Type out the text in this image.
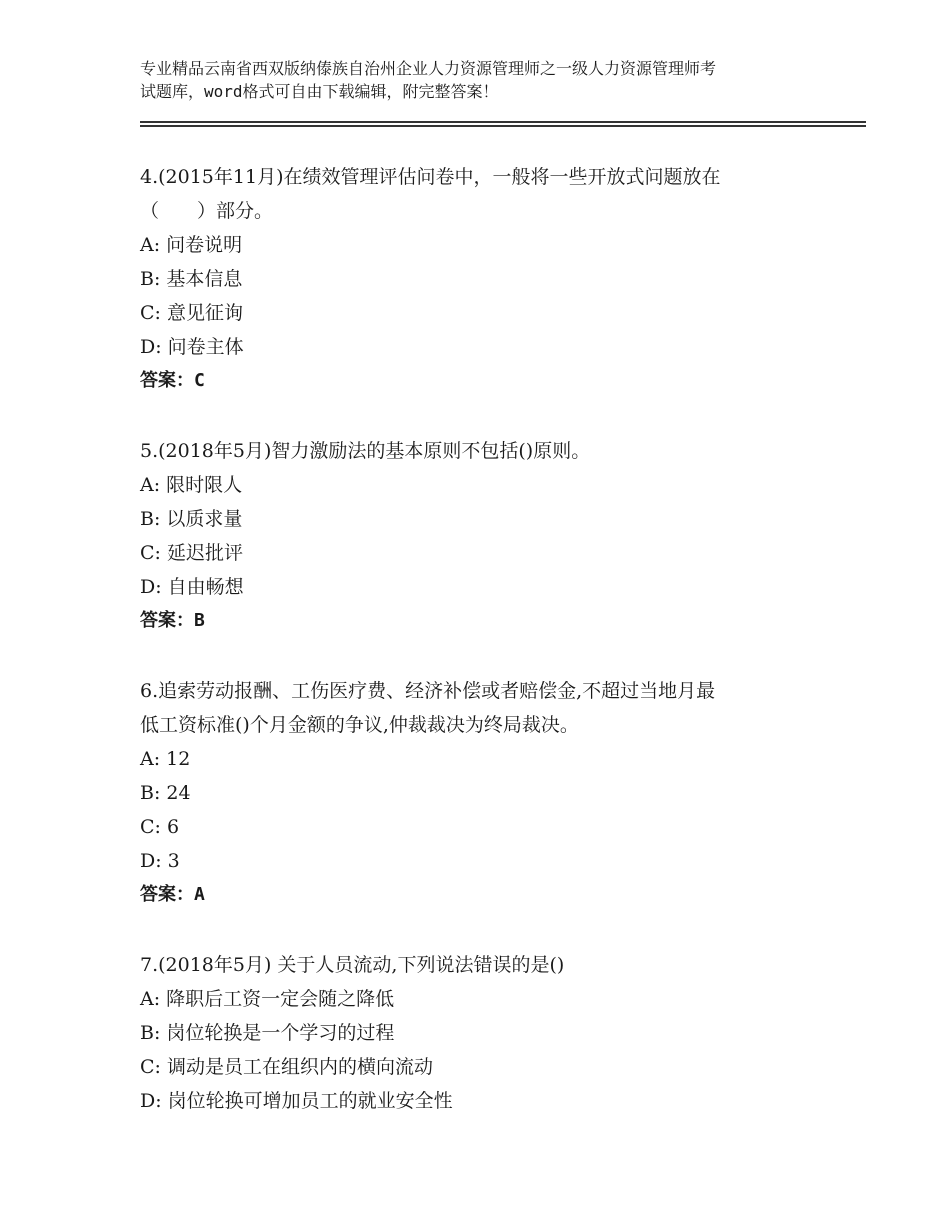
专业精品云南省西双版纳傣族自治州企业人力资源管理师之一级人力资源管理师考
试题库，word格式可自由下载编辑，附完整答案！
4.(2015年11月)在绩效管理评估问卷中，一般将一些开放式问题放在
（　　）部分。
A: 问卷说明
B: 基本信息
C: 意见征询
D: 问卷主体
答案：C
5.(2018年5月)智力激励法的基本原则不包括()原则。
A: 限时限人
B: 以质求量
C: 延迟批评
D: 自由畅想
答案：B
6.追索劳动报酬、工伤医疗费、经济补偿或者赔偿金,不超过当地月最
低工资标准()个月金额的争议,仲裁裁决为终局裁决。
A: 12
B: 24
C: 6
D: 3
答案：A
7.(2018年5月) 关于人员流动,下列说法错误的是()
A: 降职后工资一定会随之降低
B: 岗位轮换是一个学习的过程
C: 调动是员工在组织内的横向流动
D: 岗位轮换可增加员工的就业安全性
